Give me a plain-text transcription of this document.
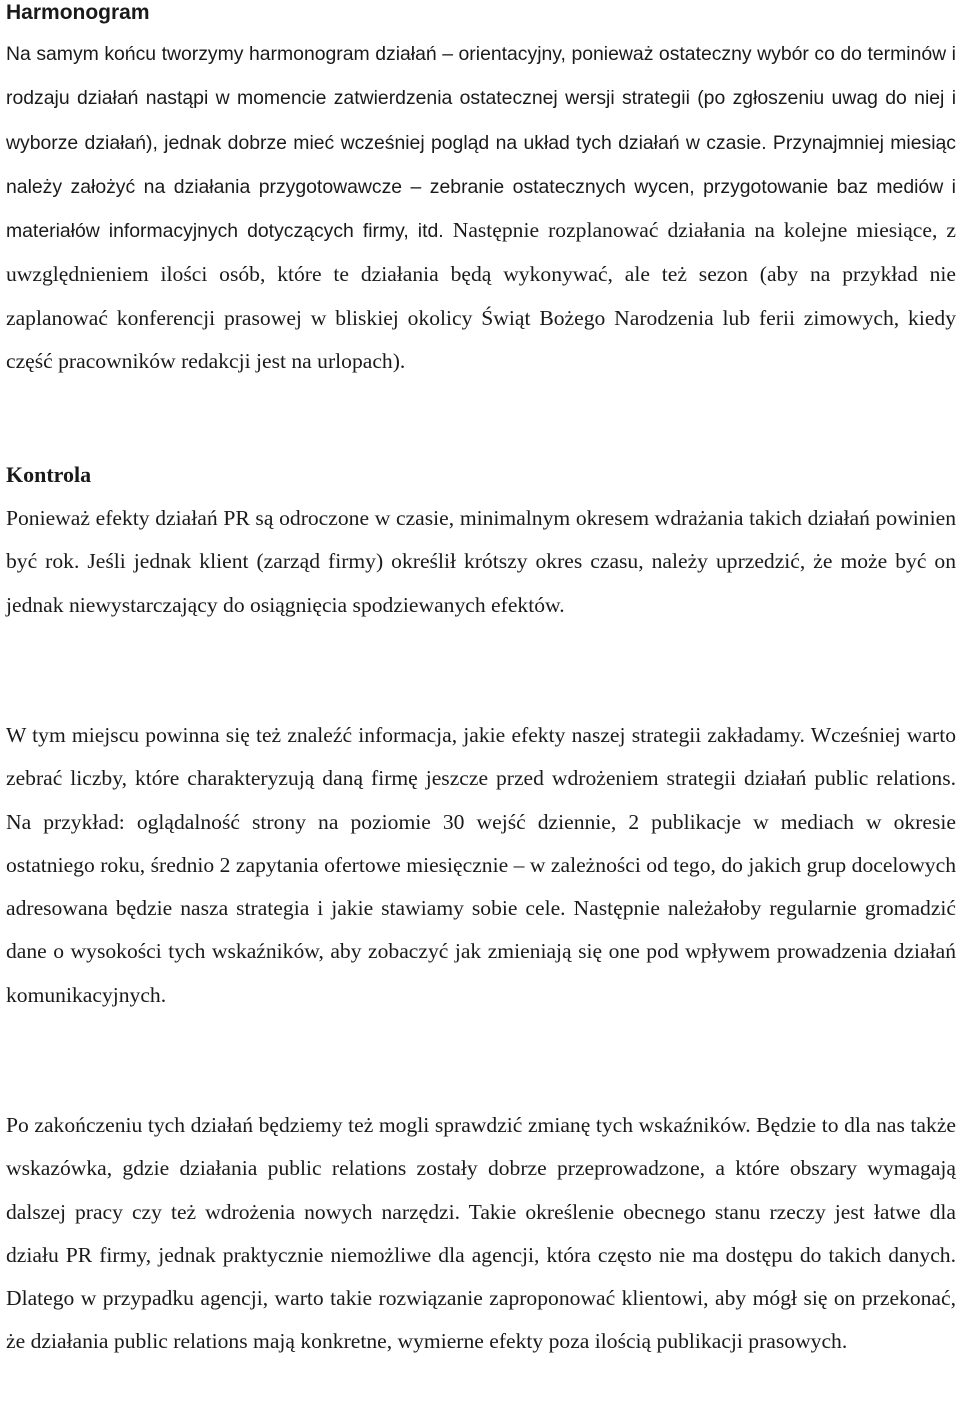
Harmonogram

Na samym końcu tworzymy harmonogram działań – orientacyjny, ponieważ ostateczny wybór co do terminów i rodzaju działań nastąpi w momencie zatwierdzenia ostatecznej wersji strategii (po zgłoszeniu uwag do niej i wyborze działań), jednak dobrze mieć wcześniej pogląd na układ tych działań w czasie. Przynajmniej miesiąc należy założyć na działania przygotowawcze – zebranie ostatecznych wycen, przygotowanie baz mediów i materiałów informacyjnych dotyczących firmy, itd. Następnie rozplanować działania na kolejne miesiące, z uwzględnieniem ilości osób, które te działania będą wykonywać, ale też sezon (aby na przykład nie zaplanować konferencji prasowej w bliskiej okolicy Świąt Bożego Narodzenia lub ferii zimowych, kiedy część pracowników redakcji jest na urlopach).

Kontrola

Ponieważ efekty działań PR są odroczone w czasie, minimalnym okresem wdrażania takich działań powinien być rok. Jeśli jednak klient (zarząd firmy) określił krótszy okres czasu, należy uprzedzić, że może być on jednak niewystarczający do osiągnięcia spodziewanych efektów.

W tym miejscu powinna się też znaleźć informacja, jakie efekty naszej strategii zakładamy. Wcześniej warto zebrać liczby, które charakteryzują daną firmę jeszcze przed wdrożeniem strategii działań public relations. Na przykład: oglądalność strony na poziomie 30 wejść dziennie, 2 publikacje w mediach w okresie ostatniego roku, średnio 2 zapytania ofertowe miesięcznie – w zależności od tego, do jakich grup docelowych adresowana będzie nasza strategia i jakie stawiamy sobie cele. Następnie należałoby regularnie gromadzić dane o wysokości tych wskaźników, aby zobaczyć jak zmieniają się one pod wpływem prowadzenia działań komunikacyjnych.

Po zakończeniu tych działań będziemy też mogli sprawdzić zmianę tych wskaźników. Będzie to dla nas także wskazówka, gdzie działania public relations zostały dobrze przeprowadzone, a które obszary wymagają dalszej pracy czy też wdrożenia nowych narzędzi. Takie określenie obecnego stanu rzeczy jest łatwe dla działu PR firmy, jednak praktycznie niemożliwe dla agencji, która często nie ma dostępu do takich danych. Dlatego w przypadku agencji, warto takie rozwiązanie zaproponować klientowi, aby mógł się on przekonać, że działania public relations mają konkretne, wymierne efekty poza ilością publikacji prasowych.
